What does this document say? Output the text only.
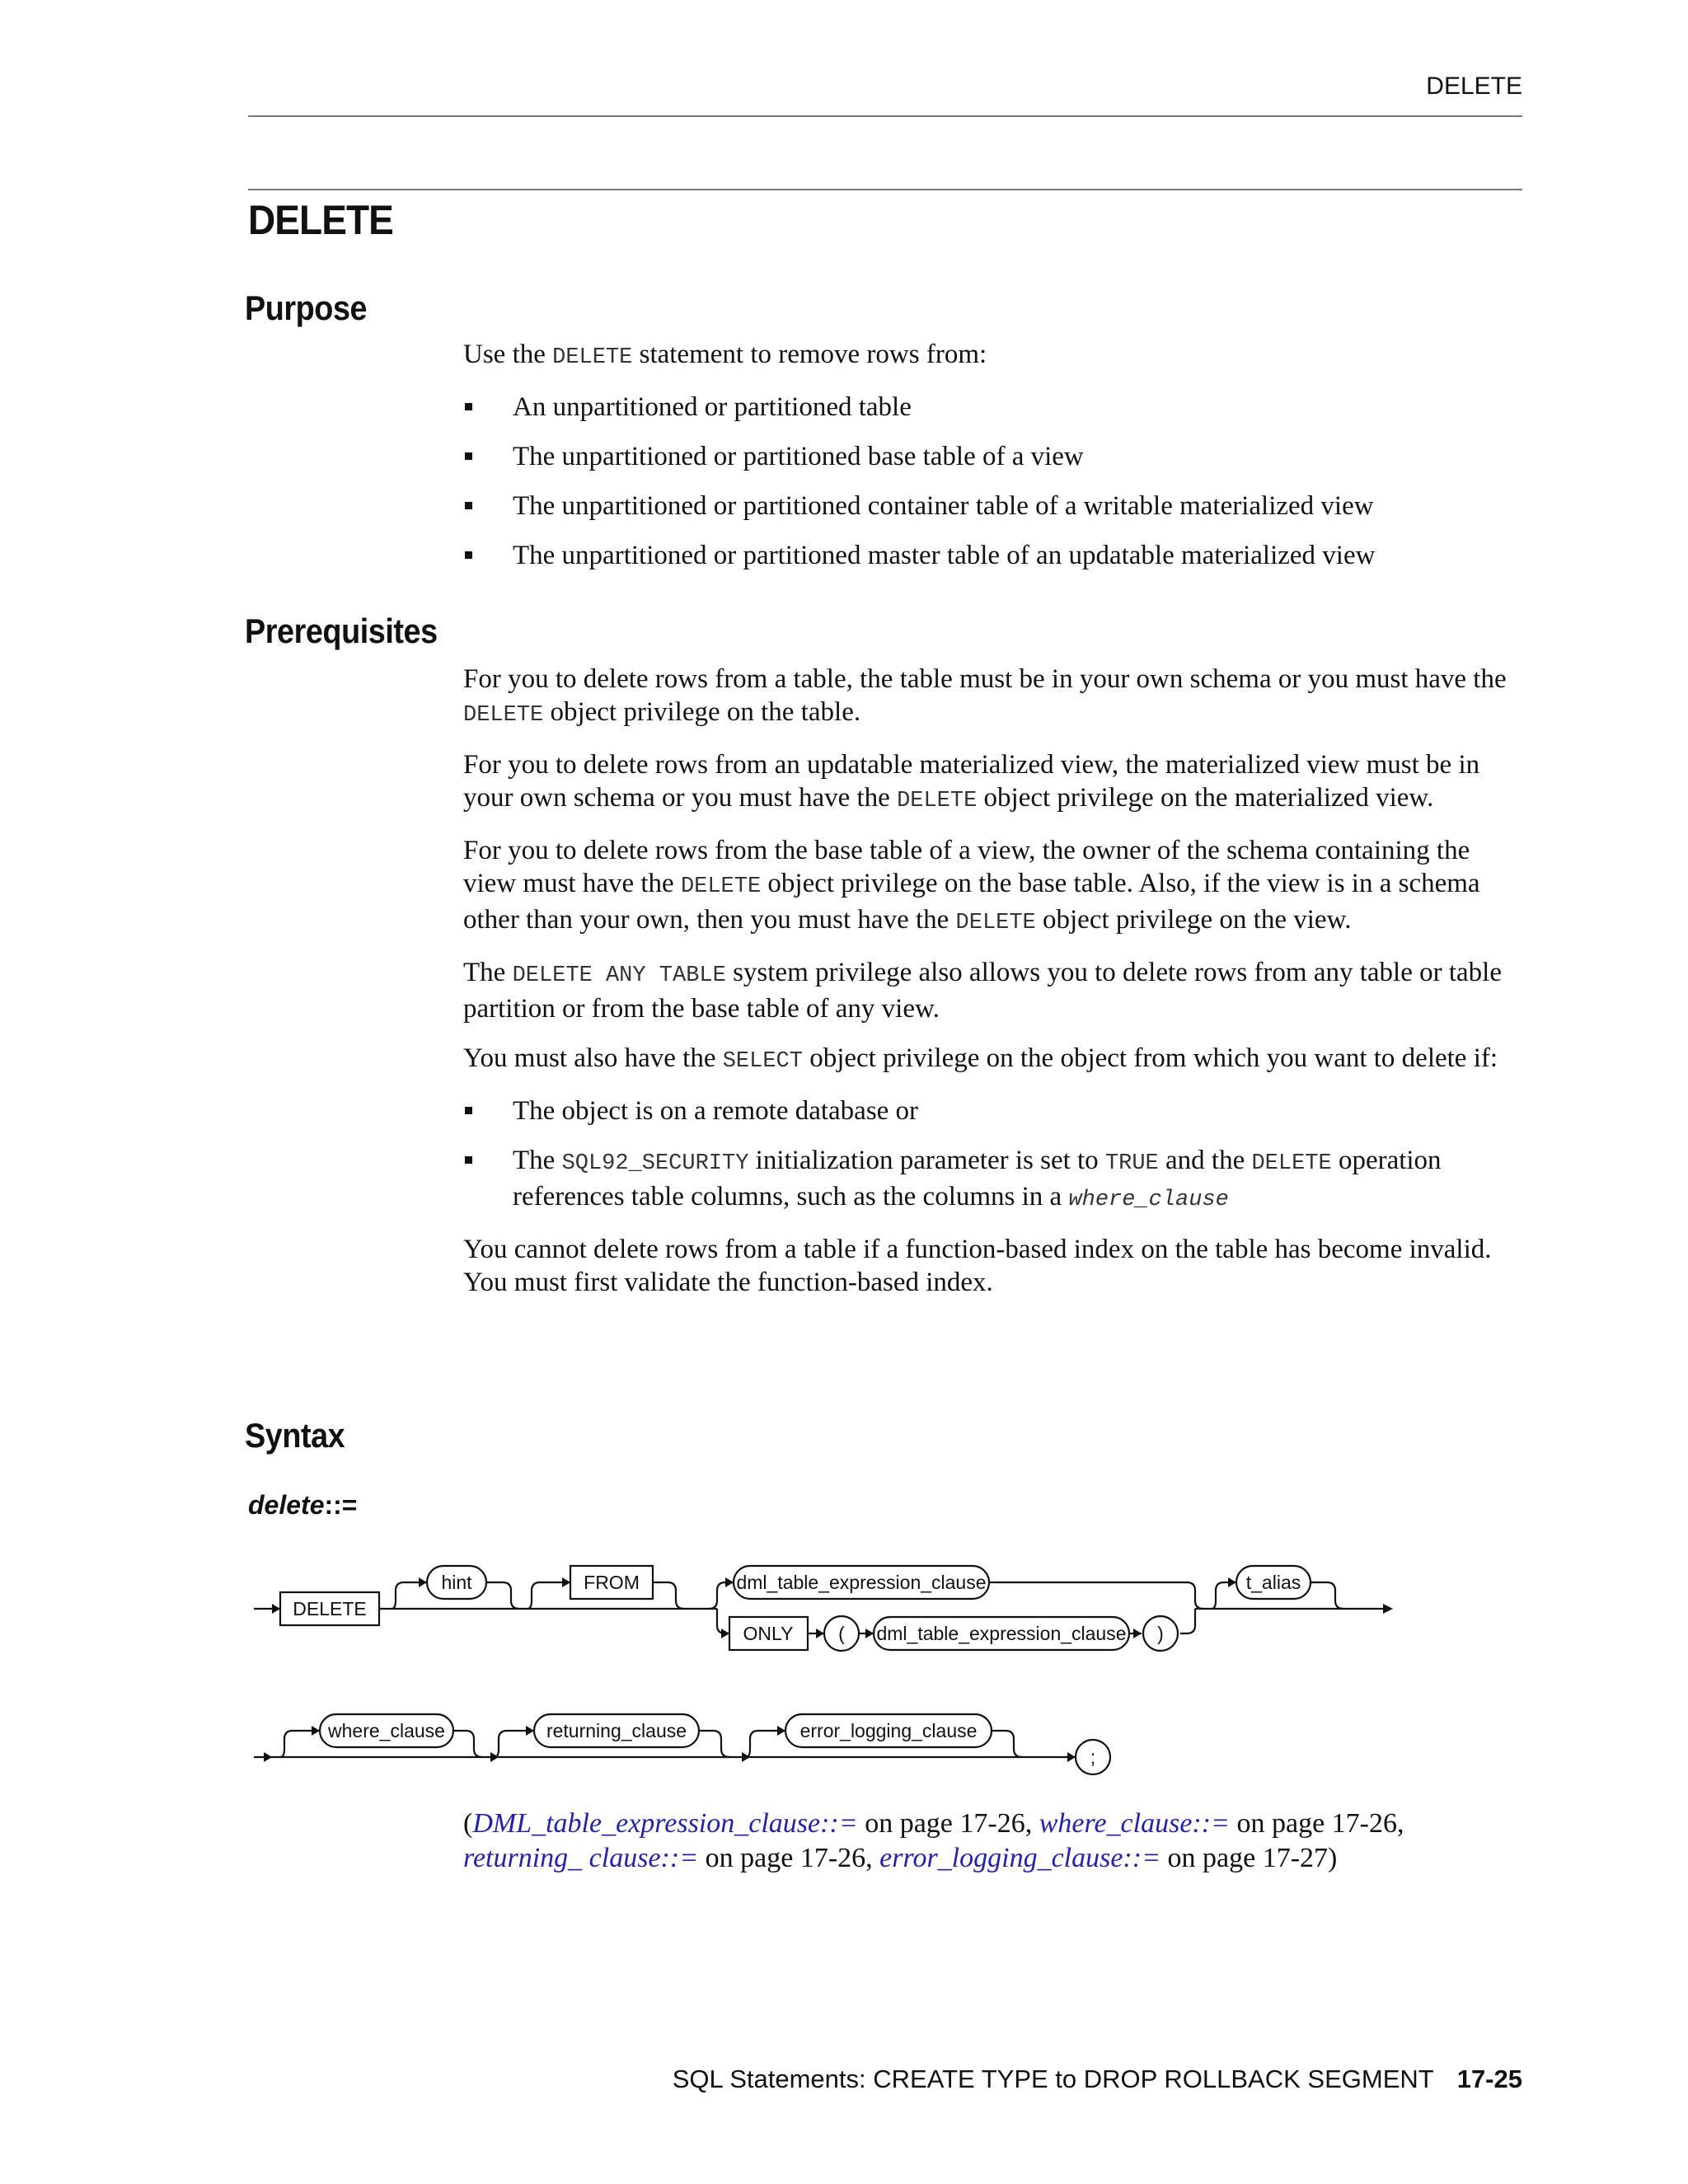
DELETE
DELETE
Purpose

Use the DELETE statement to remove rows from:

An unpartitioned or partitioned table
The unpartitioned or partitioned base table of a view
The unpartitioned or partitioned container table of a writable materialized view
The unpartitioned or partitioned master table of an updatable materialized view
Prerequisites

For you to delete rows from a table, the table must be in your own schema or you must have the DELETE object privilege on the table.

For you to delete rows from an updatable materialized view, the materialized view must be in your own schema or you must have the DELETE object privilege on the materialized view.

For you to delete rows from the base table of a view, the owner of the schema containing the view must have the DELETE object privilege on the base table. Also, if the view is in a schema other than your own, then you must have the DELETE object privilege on the view.

The DELETE ANY TABLE system privilege also allows you to delete rows from any table or table partition or from the base table of any view.

You must also have the SELECT object privilege on the object from which you want to delete if:

The object is on a remote database or
The SQL92_SECURITY initialization parameter is set to TRUE and the DELETE operation references table columns, such as the columns in a where_clause

You cannot delete rows from a table if a function-based index on the table has become invalid. You must first validate the function-based index.

Syntax
delete::=
DELETE
hint	FROM	dml_table_expression_clause
ONLY ( dml_table_expression_clause )
t_alias
where_clause	returning_clause	error_logging_clause
;
(DML_table_expression_clause::= on page 17-26, where_clause::= on page 17-26, returning_ clause::= on page 17-26, error_logging_clause::= on page 17-27)
SQL Statements: CREATE TYPE to DROP ROLLBACK SEGMENT 17-25
